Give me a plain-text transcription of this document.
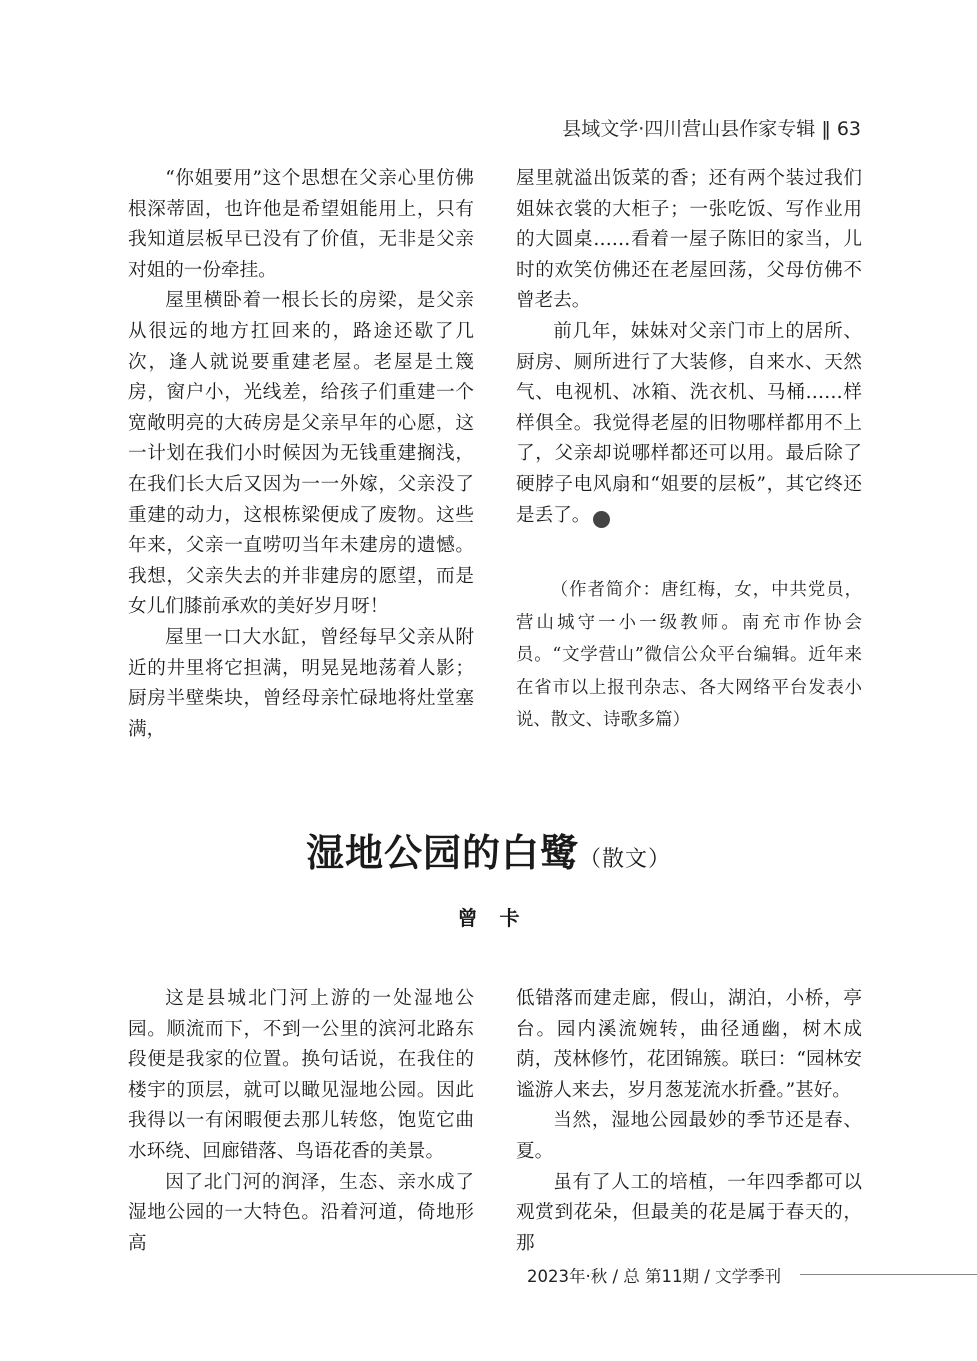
县域文学·四川营山县作家专辑 ‖ 63

“你姐要用”这个思想在父亲心里仿佛根深蒂固，也许他是希望姐能用上，只有我知道层板早已没有了价值，无非是父亲对姐的一份牵挂。

屋里横卧着一根长长的房梁，是父亲从很远的地方扛回来的，路途还歇了几次，逢人就说要重建老屋。老屋是土篾房，窗户小，光线差，给孩子们重建一个宽敞明亮的大砖房是父亲早年的心愿，这一计划在我们小时候因为无钱重建搁浅，在我们长大后又因为一一外嫁，父亲没了重建的动力，这根栋梁便成了废物。这些年来，父亲一直唠叨当年未建房的遗憾。我想，父亲失去的并非建房的愿望，而是女儿们膝前承欢的美好岁月呀！

屋里一口大水缸，曾经每早父亲从附近的井里将它担满，明晃晃地荡着人影；厨房半壁柴块，曾经母亲忙碌地将灶堂塞满，

屋里就溢出饭菜的香；还有两个装过我们姐妹衣裳的大柜子；一张吃饭、写作业用的大圆桌……看着一屋子陈旧的家当，儿时的欢笑仿佛还在老屋回荡，父母仿佛不曾老去。

前几年，妹妹对父亲门市上的居所、厨房、厕所进行了大装修，自来水、天然气、电视机、冰箱、洗衣机、马桶……样样俱全。我觉得老屋的旧物哪样都用不上了，父亲却说哪样都还可以用。最后除了硬脖子电风扇和“姐要的层板”，其它终还是丢了。	◎

（作者简介：唐红梅，女，中共党员，营山城守一小一级教师。南充市作协会员。“文学营山”微信公众平台编辑。近年来在省市以上报刊杂志、各大网络平台发表小说、散文、诗歌多篇）

湿地公园的白鹭（散文）
曾卡

这是县城北门河上游的一处湿地公园。顺流而下，不到一公里的滨河北路东段便是我家的位置。换句话说，在我住的楼宇的顶层，就可以瞰见湿地公园。因此我得以一有闲暇便去那儿转悠，饱览它曲水环绕、回廊错落、鸟语花香的美景。

因了北门河的润泽，生态、亲水成了湿地公园的一大特色。沿着河道，倚地形高

低错落而建走廊，假山，湖泊，小桥，亭台。园内溪流婉转，曲径通幽，树木成荫，茂林修竹，花团锦簇。联曰：“园林安谧游人来去，岁月葱茏流水折叠。”甚好。

当然，湿地公园最妙的季节还是春、夏。

虽有了人工的培植，一年四季都可以观赏到花朵，但最美的花是属于春天的，那

2023年·秋 / 总 第11期 / 文学季刊
